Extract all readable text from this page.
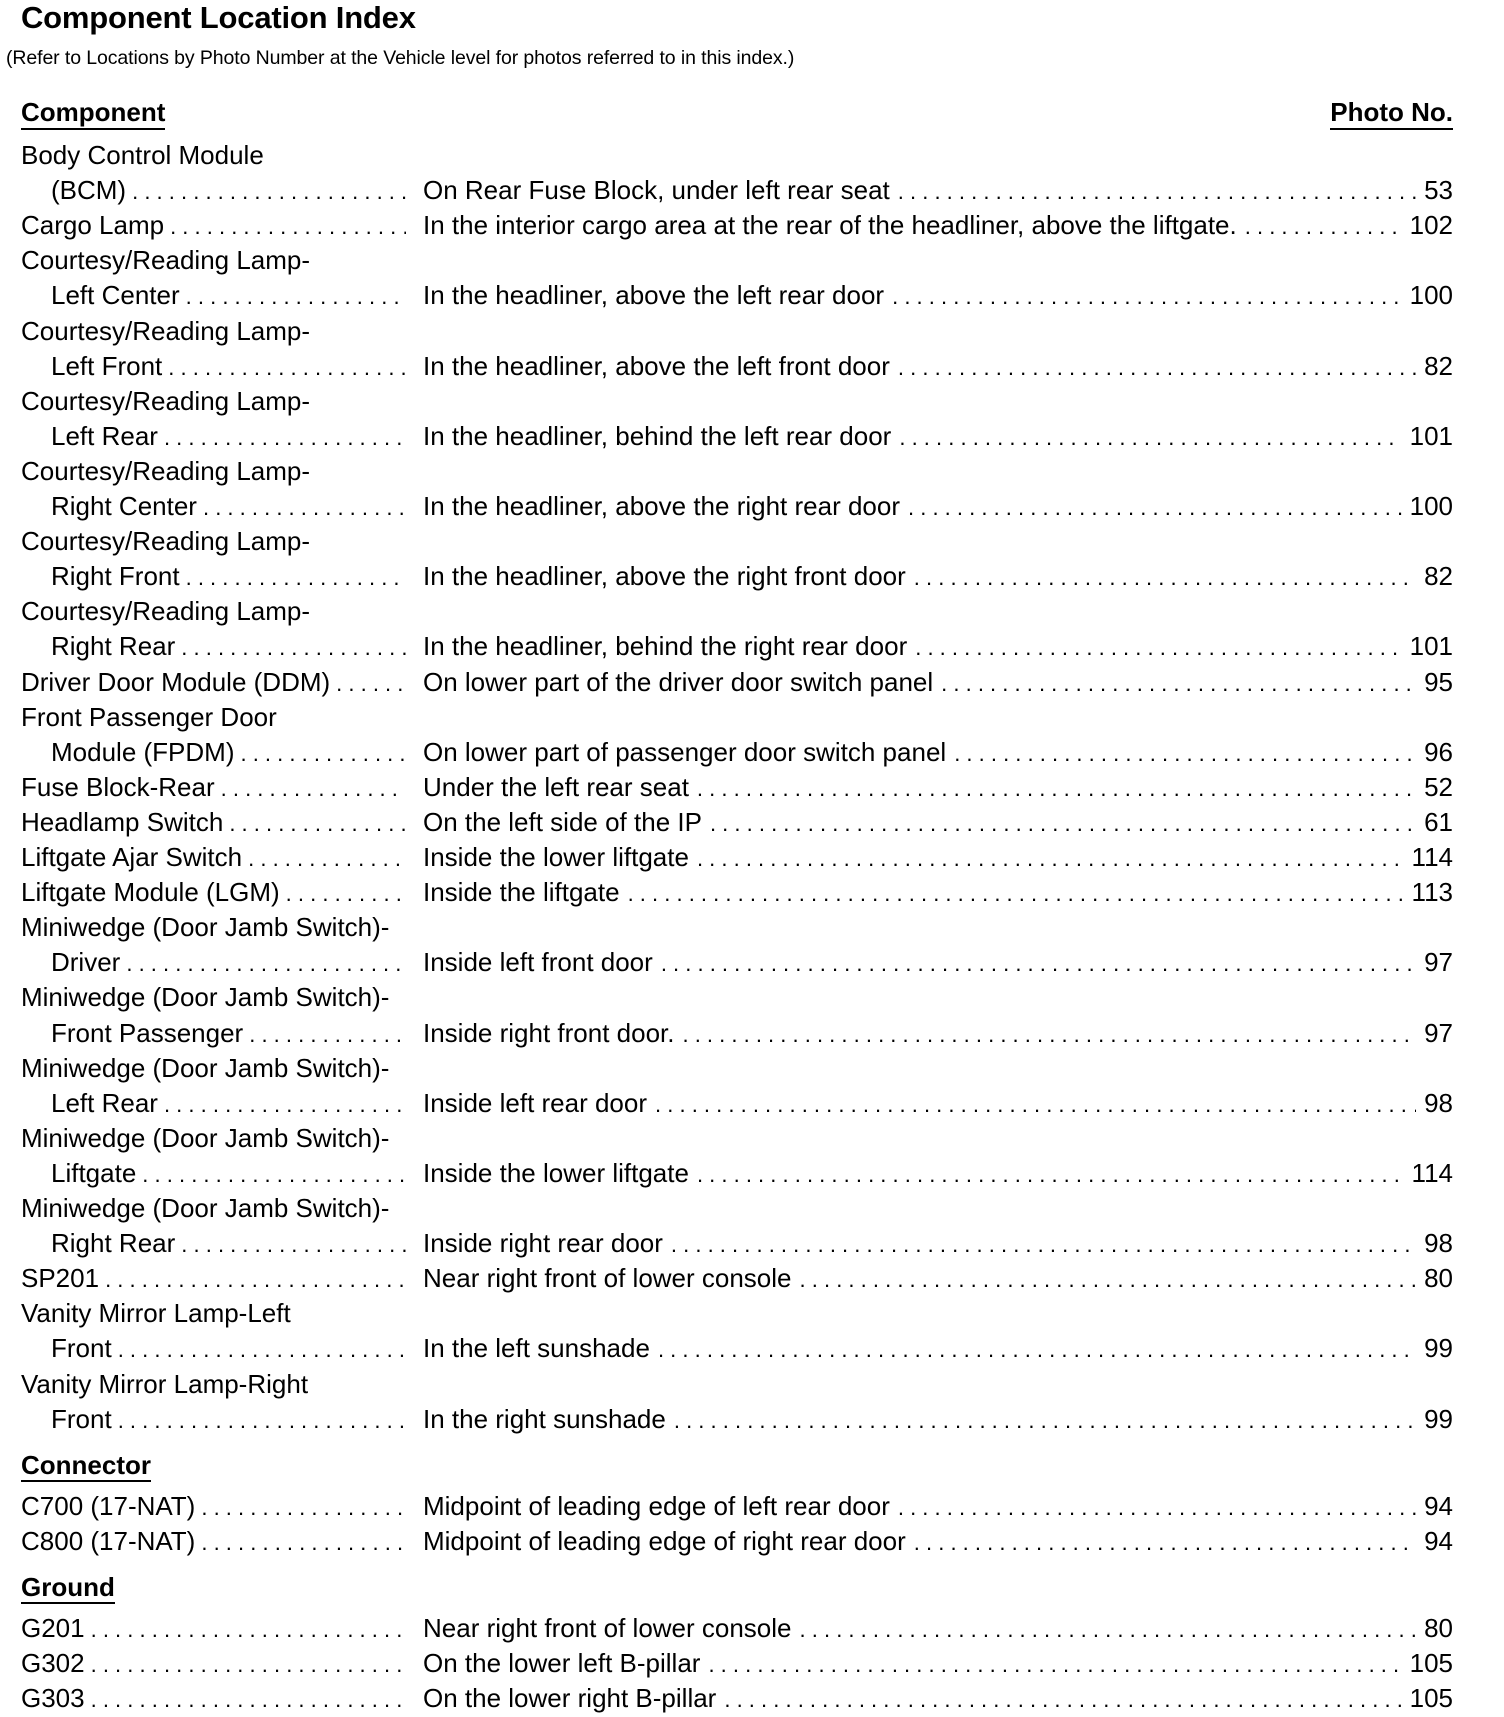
Component Location Index
(Refer to Locations by Photo Number at the Vehicle level for photos referred to in this index.)
Component	Photo No.
Body Control Module
(BCM) . . .	On Rear Fuse Block, under left rear seat . . .	53
Cargo Lamp . . .	In the interior cargo area at the rear of the headliner, above the liftgate. . . .	102
Courtesy/Reading Lamp-
Left Center . . .	In the headliner, above the left rear door . . .	100
Courtesy/Reading Lamp-
Left Front . . .	In the headliner, above the left front door . . .	82
Courtesy/Reading Lamp-
Left Rear . . .	In the headliner, behind the left rear door . . .	101
Courtesy/Reading Lamp-
Right Center . . .	In the headliner, above the right rear door . . .	100
Courtesy/Reading Lamp-
Right Front . . .	In the headliner, above the right front door . . .	82
Courtesy/Reading Lamp-
Right Rear . . .	In the headliner, behind the right rear door . . .	101
Driver Door Module (DDM) . . .	On lower part of the driver door switch panel . . .	95
Front Passenger Door
Module (FPDM) . . .	On lower part of passenger door switch panel . . .	96
Fuse Block-Rear . . .	Under the left rear seat . . .	52
Headlamp Switch . . .	On the left side of the IP . . .	61
Liftgate Ajar Switch . . .	Inside the lower liftgate . . .	114
Liftgate Module (LGM) . . .	Inside the liftgate . . .	113
Miniwedge (Door Jamb Switch)-
Driver . . .	Inside left front door . . .	97
Miniwedge (Door Jamb Switch)-
Front Passenger . . .	Inside right front door. . . .	97
Miniwedge (Door Jamb Switch)-
Left Rear . . .	Inside left rear door . . .	98
Miniwedge (Door Jamb Switch)-
Liftgate . . .	Inside the lower liftgate . . .	114
Miniwedge (Door Jamb Switch)-
Right Rear . . .	Inside right rear door . . .	98
SP201 . . .	Near right front of lower console . . .	80
Vanity Mirror Lamp-Left
Front . . .	In the left sunshade . . .	99
Vanity Mirror Lamp-Right
Front . . .	In the right sunshade . . .	99
Connector
C700 (17-NAT) . . .	Midpoint of leading edge of left rear door . . .	94
C800 (17-NAT) . . .	Midpoint of leading edge of right rear door . . .	94
Ground
G201 . . .	Near right front of lower console . . .	80
G302 . . .	On the lower left B-pillar . . .	105
G303 . . .	On the lower right B-pillar . . .	105
